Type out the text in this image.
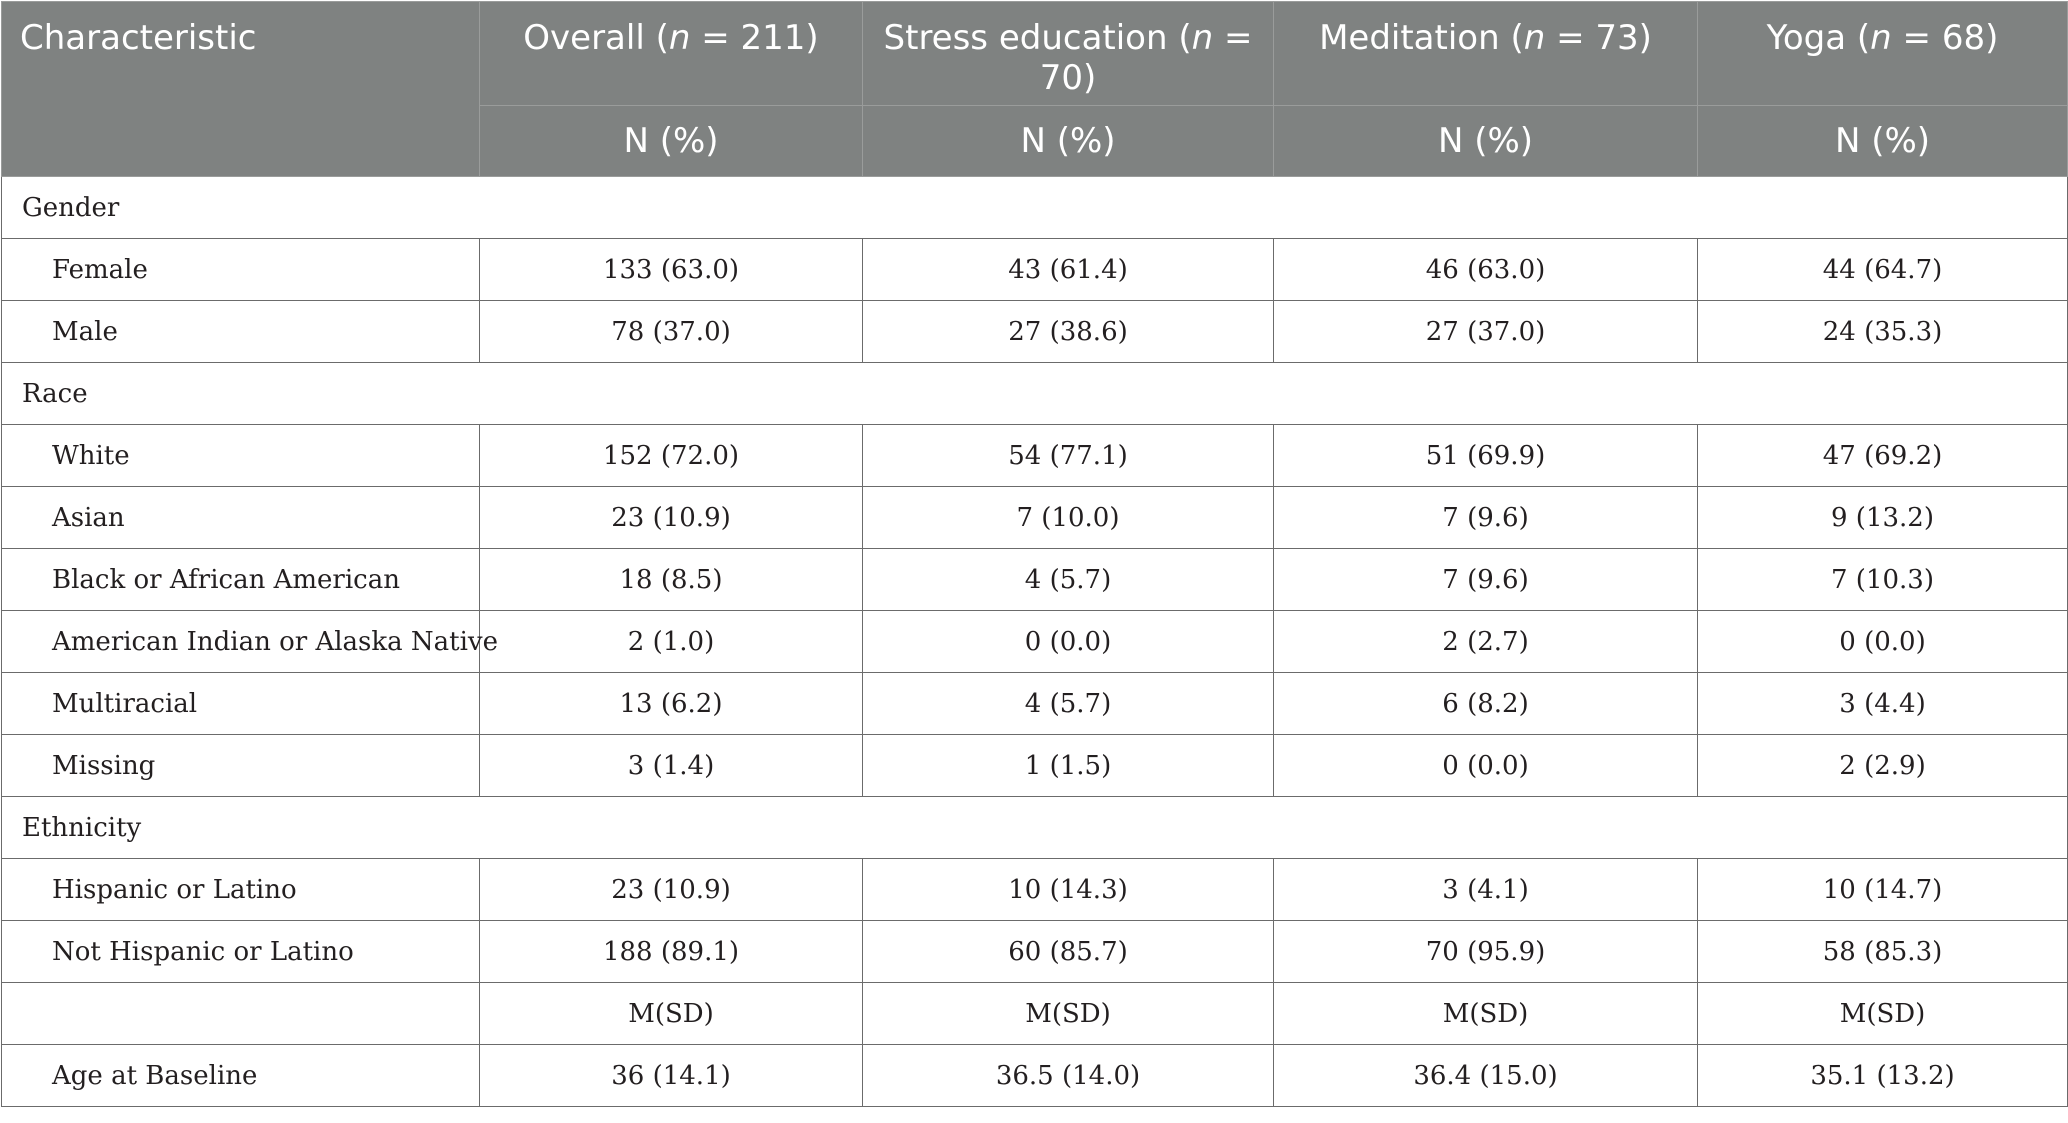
Characteristic	Overall (n = 211)	Stress education (n = 70)	Meditation (n = 73)	Yoga (n = 68)
	N (%)	N (%)	N (%)	N (%)
Gender				
Female	133 (63.0)	43 (61.4)	46 (63.0)	44 (64.7)
Male	78 (37.0)	27 (38.6)	27 (37.0)	24 (35.3)
Race				
White	152 (72.0)	54 (77.1)	51 (69.9)	47 (69.2)
Asian	23 (10.9)	7 (10.0)	7 (9.6)	9 (13.2)
Black or African American	18 (8.5)	4 (5.7)	7 (9.6)	7 (10.3)
American Indian or Alaska Native	2 (1.0)	0 (0.0)	2 (2.7)	0 (0.0)
Multiracial	13 (6.2)	4 (5.7)	6 (8.2)	3 (4.4)
Missing	3 (1.4)	1 (1.5)	0 (0.0)	2 (2.9)
Ethnicity				
Hispanic or Latino	23 (10.9)	10 (14.3)	3 (4.1)	10 (14.7)
Not Hispanic or Latino	188 (89.1)	60 (85.7)	70 (95.9)	58 (85.3)
	M(SD)	M(SD)	M(SD)	M(SD)
Age at Baseline	36 (14.1)	36.5 (14.0)	36.4 (15.0)	35.1 (13.2)
